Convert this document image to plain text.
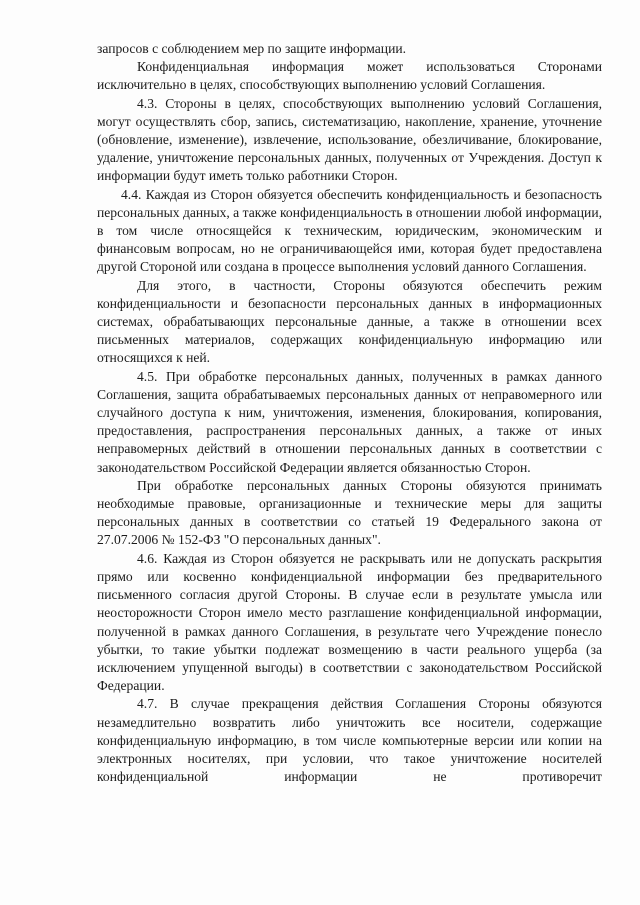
запросов с соблюдением мер по защите информации.

Конфиденциальная информация может использоваться Сторонами исключительно в целях, способствующих выполнению условий Соглашения.

4.3. Стороны в целях, способствующих выполнению условий Соглашения, могут осуществлять сбор, запись, систематизацию, накопление, хранение, уточнение (обновление, изменение), извлечение, использование, обезличивание, блокирование, удаление, уничтожение персональных данных, полученных от Учреждения. Доступ к информации будут иметь только работники Сторон.

4.4. Каждая из Сторон обязуется обеспечить конфиденциальность и безопасность персональных данных, а также конфиденциальность в отношении любой информации, в том числе относящейся к техническим, юридическим, экономическим и финансовым вопросам, но не ограничивающейся ими, которая будет предоставлена другой Стороной или создана в процессе выполнения условий данного Соглашения.

Для этого, в частности, Стороны обязуются обеспечить режим конфиденциальности и безопасности персональных данных в информационных системах, обрабатывающих персональные данные, а также в отношении всех письменных материалов, содержащих конфиденциальную информацию или относящихся к ней.

4.5. При обработке персональных данных, полученных в рамках данного Соглашения, защита обрабатываемых персональных данных от неправомерного или случайного доступа к ним, уничтожения, изменения, блокирования, копирования, предоставления, распространения персональных данных, а также от иных неправомерных действий в отношении персональных данных в соответствии с законодательством Российской Федерации является обязанностью Сторон.

При обработке персональных данных Стороны обязуются принимать необходимые правовые, организационные и технические меры для защиты персональных данных в соответствии со статьей 19 Федерального закона от 27.07.2006 № 152-ФЗ "О персональных данных".

4.6. Каждая из Сторон обязуется не раскрывать или не допускать раскрытия прямо или косвенно конфиденциальной информации без предварительного письменного согласия другой Стороны. В случае если в результате умысла или неосторожности Сторон имело место разглашение конфиденциальной информации, полученной в рамках данного Соглашения, в результате чего Учреждение понесло убытки, то такие убытки подлежат возмещению в части реального ущерба (за исключением упущенной выгоды) в соответствии с законодательством Российской Федерации.

4.7. В случае прекращения действия Соглашения Стороны обязуются незамедлительно возвратить либо уничтожить все носители, содержащие конфиденциальную информацию, в том числе компьютерные версии или копии на электронных носителях, при условии, что такое уничтожение носителей конфиденциальной информации не противоречит
